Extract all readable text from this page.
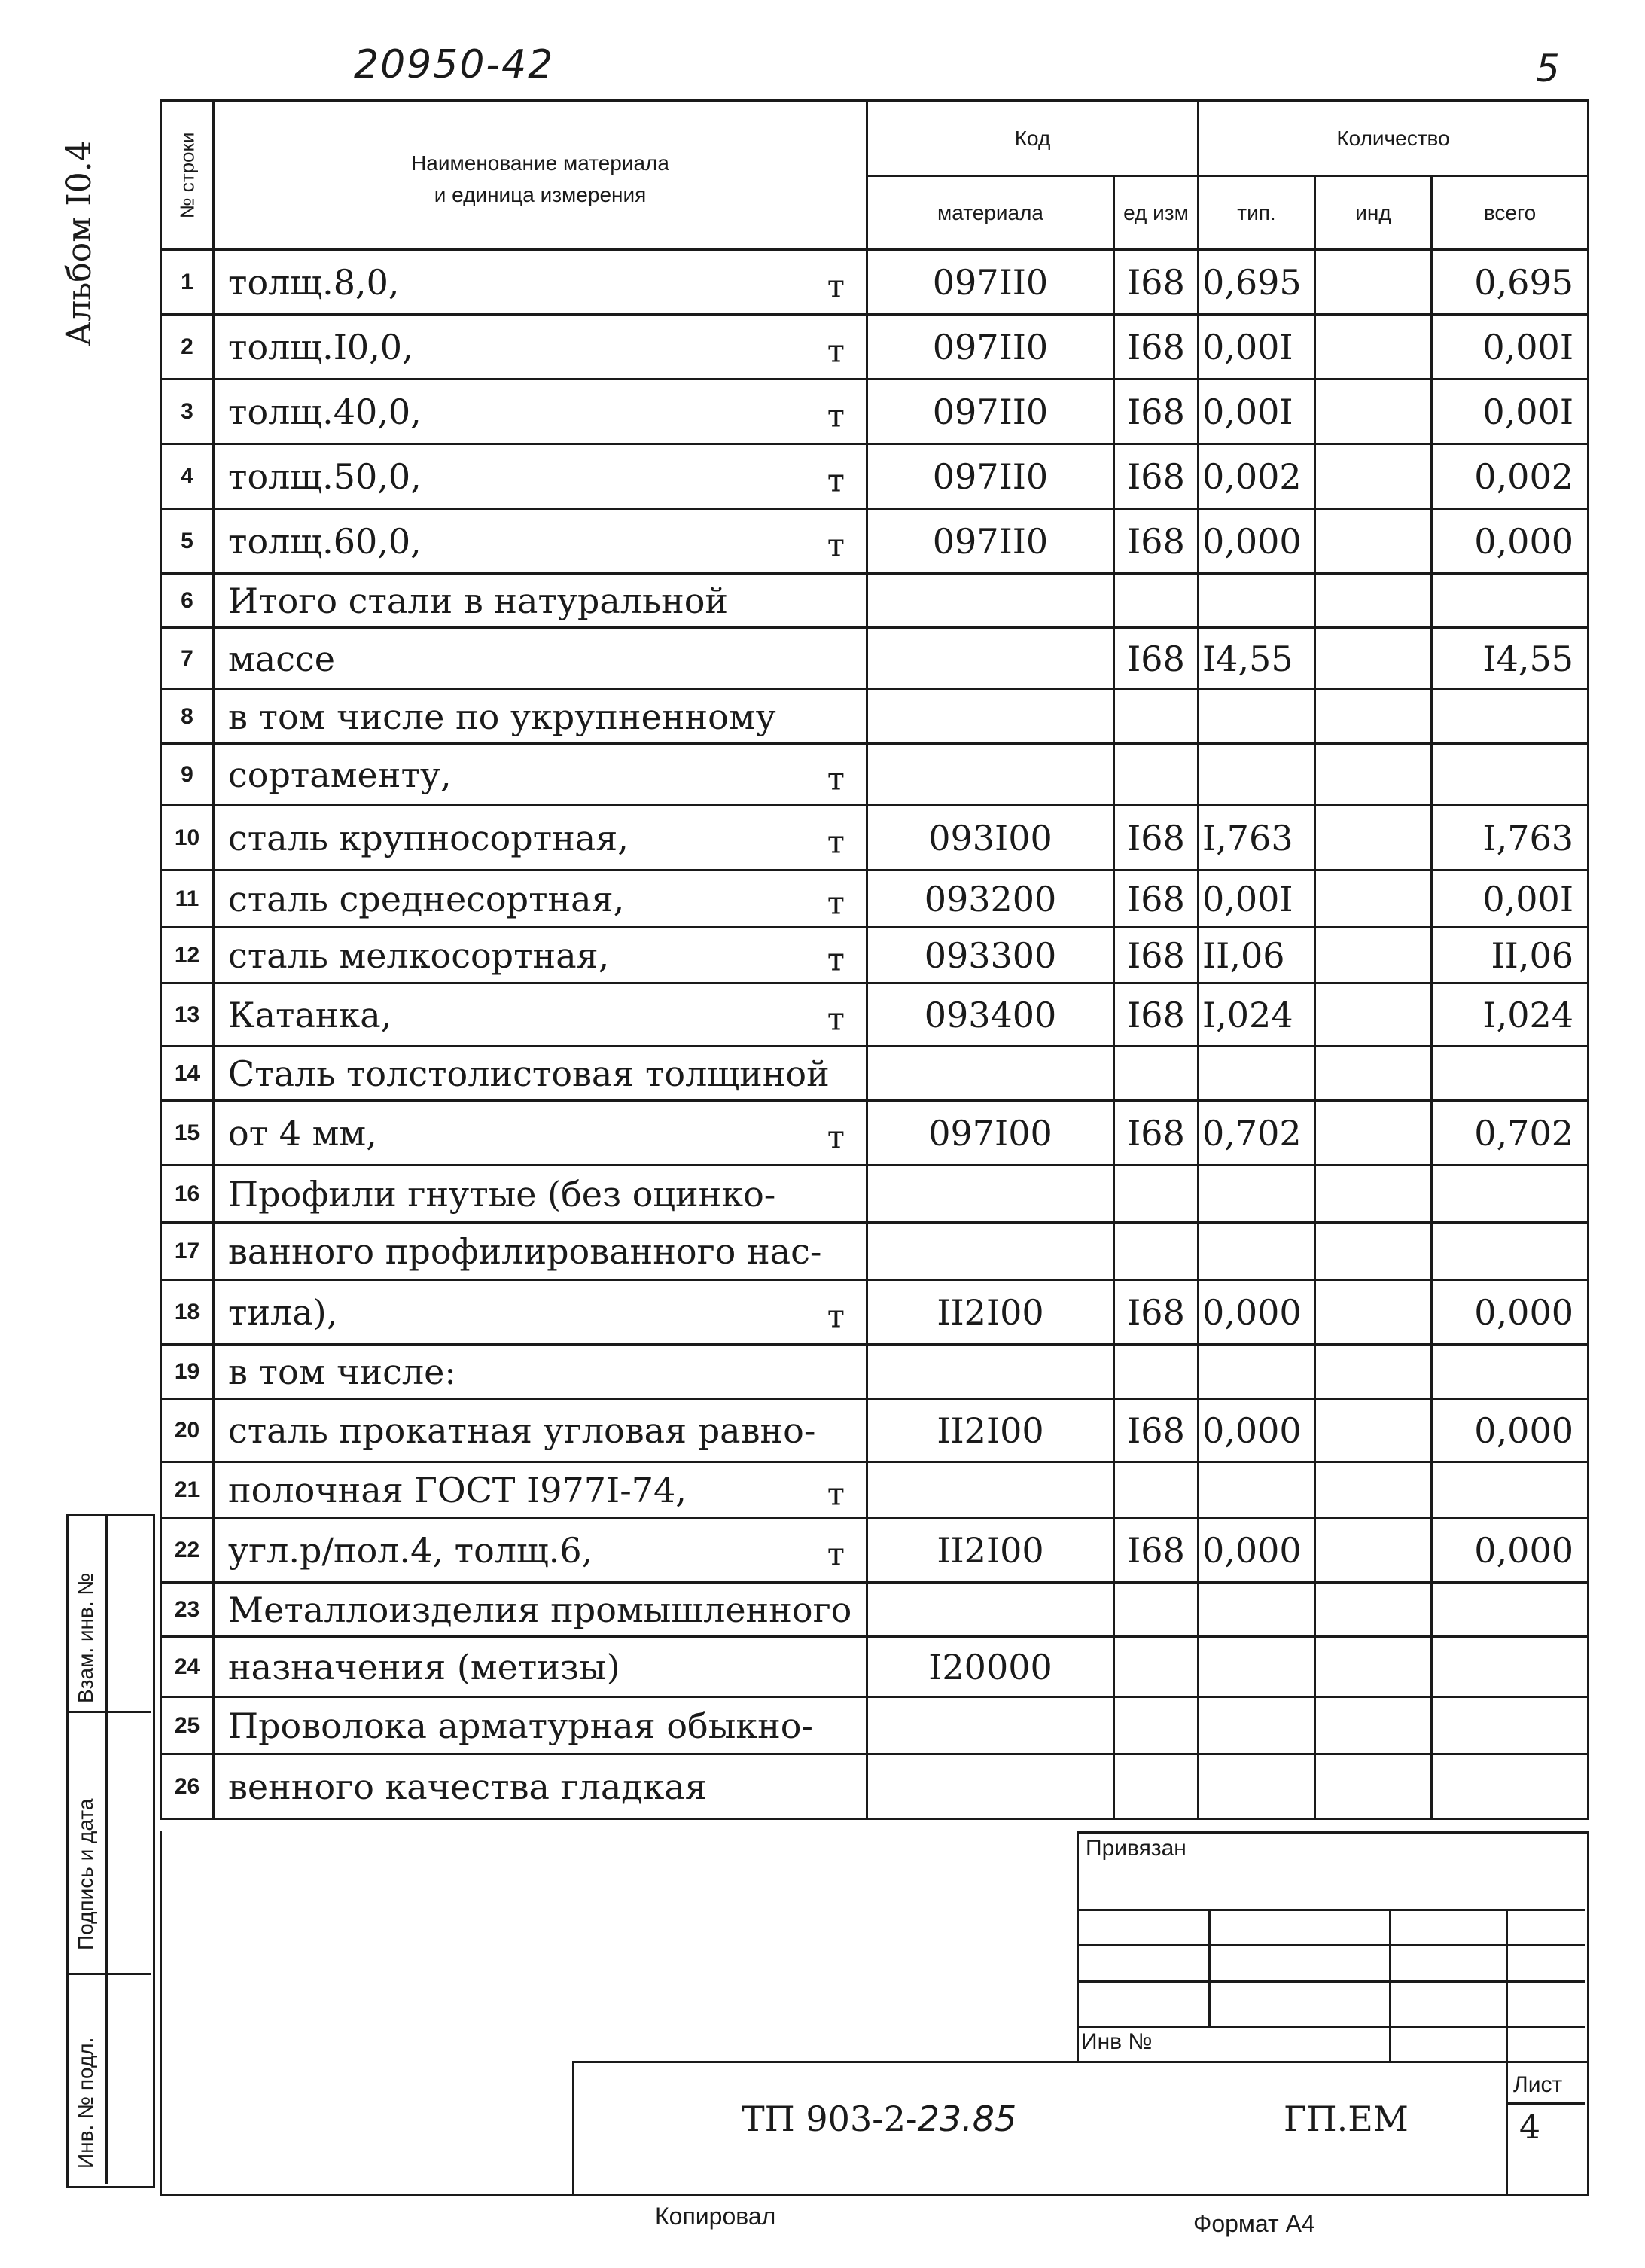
20950-42	5
Альбом I0.4	№ строки	Наименование материала
и единица измерения	Код		Количество		
		материала	ед изм	тип.	инд	всего
1	толщ.8,0, т	097II0	I68	0,695		0,695
2	толщ.I0,0, т	097II0	I68	0,00I		0,00I
3	толщ.40,0, т	097II0	I68	0,00I		0,00I
4	толщ.50,0, т	097II0	I68	0,002		0,002
5	толщ.60,0, т	097II0	I68	0,000		0,000
6	Итого стали в натуральной

7	массе		I68	I4,55		I4,55
8	в том числе по укрупненному

9	сортаменту, т					

10	сталь крупносортная, т	093I00	I68	I,763		I,763
11	сталь среднесортная, т	093200	I68	0,00I		0,00I
12	сталь мелкосортная, т	093300	I68	II,06		II,06
13	Катанка, т	093400	I68	I,024		I,024
14	Сталь толстолистовая толщиной

15	от 4 мм, т	097I00	I68	0,702		0,702
16	Профили гнутые (без оцинко-

17	ванного профилированного нас-

18	тила), т	II2I00	I68	0,000		0,000
19	в том числе:

20	сталь прокатная угловая равно-	II2I00	I68	0,000		0,000
21	полочная ГОСТ I977I-74, т					

22	угл.р/пол.4, толщ.6, т	II2I00	I68	0,000		0,000
23	Металлоизделия промышленного

24	назначения (метизы)	I20000				
25	Проволока арматурная обыкно-

26	венного качества гладкая

Привязан
Инв №
ТП 903-2-23.85	ГП.ЕМ
Лист
4
Взам. инв. №
Подпись и дата
Инв. № подл.
Копировал	Формат А4
